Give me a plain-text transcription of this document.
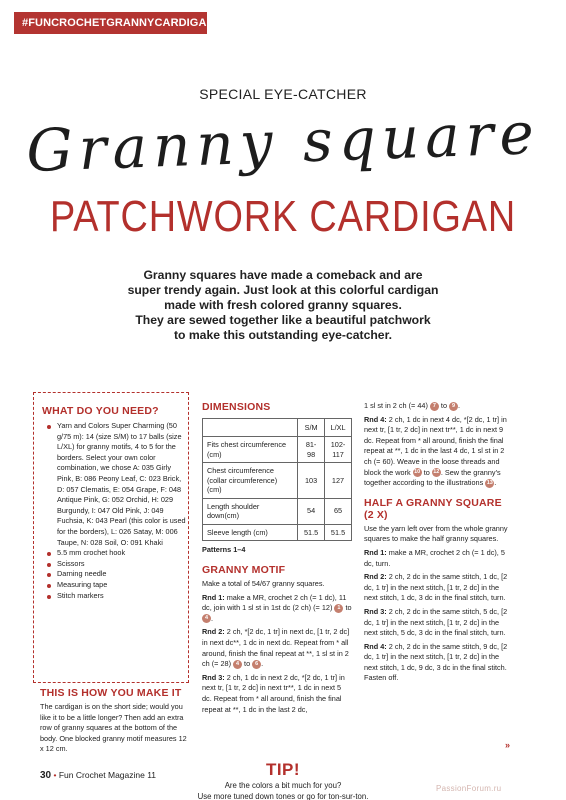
#FUNCROCHETGRANNYCARDIGAN
SPECIAL EYE-CATCHER
Granny square
PATCHWORK CARDIGAN
Granny squares have made a comeback and are
super trendy again. Just look at this colorful cardigan
made with fresh colored granny squares.
They are sewed together like a beautiful patchwork
to make this outstanding eye-catcher.
WHAT DO YOU NEED?
Yarn and Colors Super Charming (50 g/75 m): 14 (size S/M) to 17 balls (size L/XL) for granny motifs, 4 to 5 for the borders. Select your own color combination, we chose A: 035 Girly Pink, B: 086 Peony Leaf, C: 023 Brick, D: 057 Clematis, E: 054 Grape, F: 048 Antique Pink, G: 052 Orchid, H: 029 Burgundy, I: 047 Old Pink, J: 049 Fuchsia, K: 043 Pearl (this color is used for the borders), L: 026 Satay, M: 006 Taupe, N: 028 Soil, O: 091 Khaki
5.5 mm crochet hook
Scissors
Darning needle
Measuring tape
Stitch markers
THIS IS HOW YOU MAKE IT

The cardigan is on the short side; would you like it to be a little longer? Then add an extra row of granny squares at the bottom of the body. One blocked granny motif measures 12 x 12 cm.

DIMENSIONS
	S/M	L/XL
Fits chest circumference (cm)	81-98	102-117
Chest circumference (collar circumference) (cm)	103	127
Length shoulder down(cm)	54	65
Sleeve length (cm)	51.5	51.5
Patterns 1–4
GRANNY MOTIF

Make a total of 54/67 granny squares.

Rnd 1: make a MR, crochet 2 ch (= 1 dc), 11 dc, join with 1 sl st in 1st dc (2 ch) (= 12) 1 to 4 .

Rnd 2: 2 ch, *[2 dc, 1 tr] in next dc, [1 tr, 2 dc] in next dc**, 1 dc in next dc. Repeat from * all around, finish the final repeat at **, 1 sl st in 2 ch (= 28) 4 to 6 .

Rnd 3: 2 ch, 1 dc in next 2 dc, *[2 dc, 1 tr] in next tr, [1 tr, 2 dc] in next tr**, 1 dc in next 5 dc. Repeat from * all around, finish the final repeat at **, 1 dc in the last 2 dc,

1 sl st in 2 ch (= 44) 7 to 9 .

Rnd 4: 2 ch, 1 dc in next 4 dc, *[2 dc, 1 tr] in next tr, [1 tr, 2 dc] in next tr**, 1 dc in next 9 dc. Repeat from * all around, finish the final repeat at **, 1 dc in the last 4 dc, 1 sl st in 2 ch (= 60). Weave in the loose threads and block the work 10 to 12. Sew the granny's together according to the illustrations 13.

HALF A GRANNY SQUARE (2 X)

Use the yarn left over from the whole granny squares to make the half granny squares.

Rnd 1: make a MR, crochet 2 ch (= 1 dc), 5 dc, turn.

Rnd 2: 2 ch, 2 dc in the same stitch, 1 dc, [2 dc, 1 tr] in the next stitch, [1 tr, 2 dc] in the next stitch, 1 dc, 3 dc in the final stitch, turn.

Rnd 3: 2 ch, 2 dc in the same stitch, 5 dc, [2 dc, 1 tr] in the next stitch, [1 tr, 2 dc] in the next stitch, 5 dc, 3 dc in the final stitch, turn.

Rnd 4: 2 ch, 2 dc in the same stitch, 9 dc, [2 dc, 1 tr] in the next stitch, [1 tr, 2 dc] in the next stitch, 1 dc, 9 dc, 3 dc in the final stitch. Fasten off.

»
TIP!
Are the colors a bit much for you?
Use more tuned down tones or go for ton-sur-ton.
30 • Fun Crochet Magazine 11
PassionForum.ru
